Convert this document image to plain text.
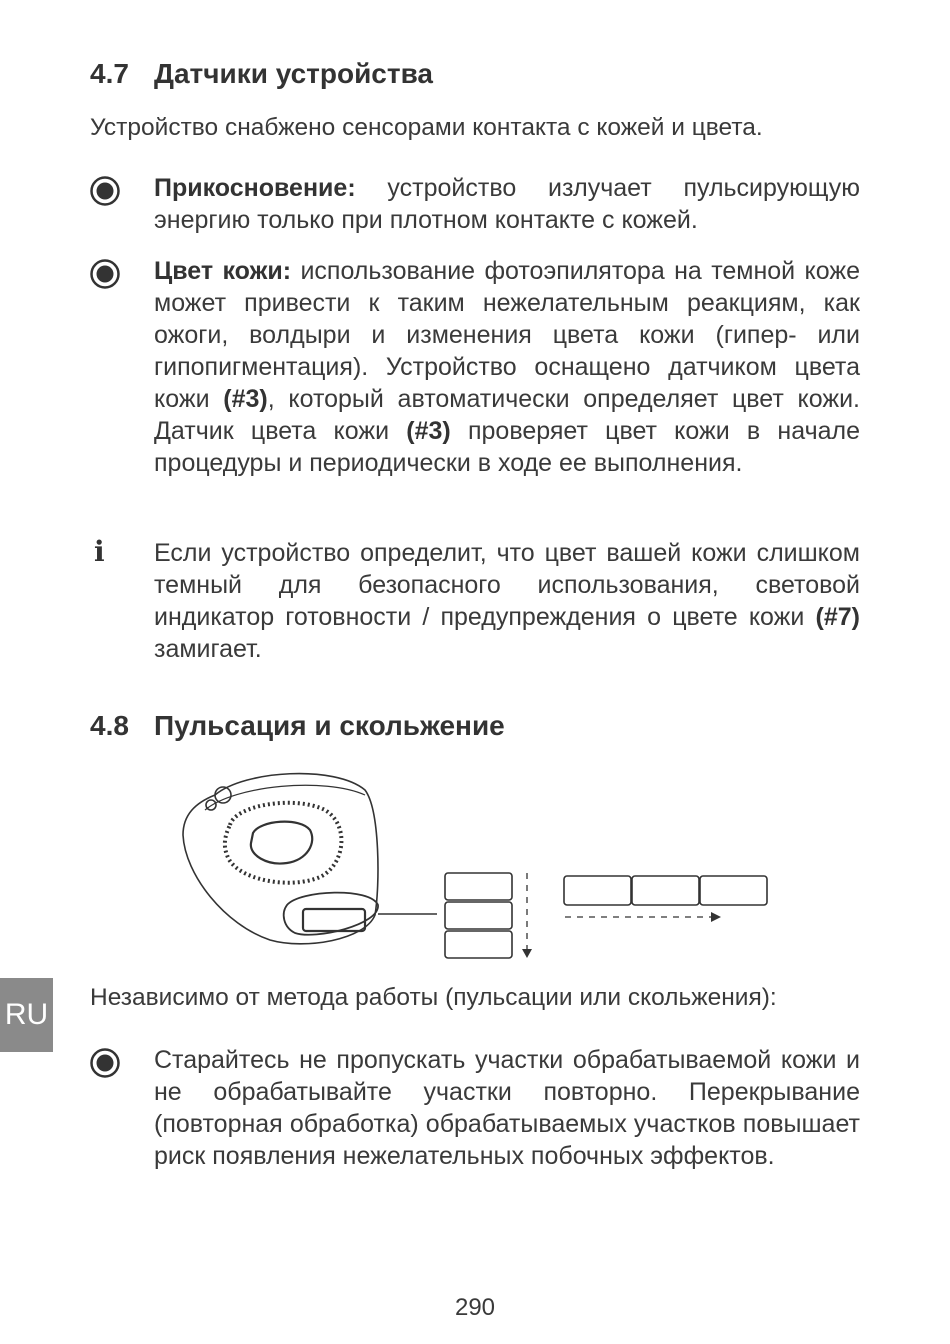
4.7 Датчики устройства

Устройство снабжено сенсорами контакта с кожей и цвета.

Прикосновение: устройство излучает пульсирующую энергию только при плотном контакте с кожей.
Цвет кожи: использование фотоэпилятора на темной коже может привести к таким нежелательным реакциям, как ожоги, волдыри и изменения цвета кожи (гипер- или гипопигментация). Устройство оснащено датчиком цвета кожи (#3), который автоматически определяет цвет кожи. Датчик цвета кожи (#3) проверяет цвет кожи в начале процедуры и периодически в ходе ее выполнения.
i Если устройство определит, что цвет вашей кожи слишком темный для безопасного использования, световой индикатор готовности / предупреждения о цвете кожи (#7) замигает.
4.8 Пульсация и скольжение

Независимо от метода работы (пульсации или скольжения):

Старайтесь не пропускать участки обрабатываемой кожи и не обрабатывайте участки повторно. Перекрывание (повторная обработка) обрабатываемых участков повышает риск появления нежелательных побочных эффектов.
RU
290
